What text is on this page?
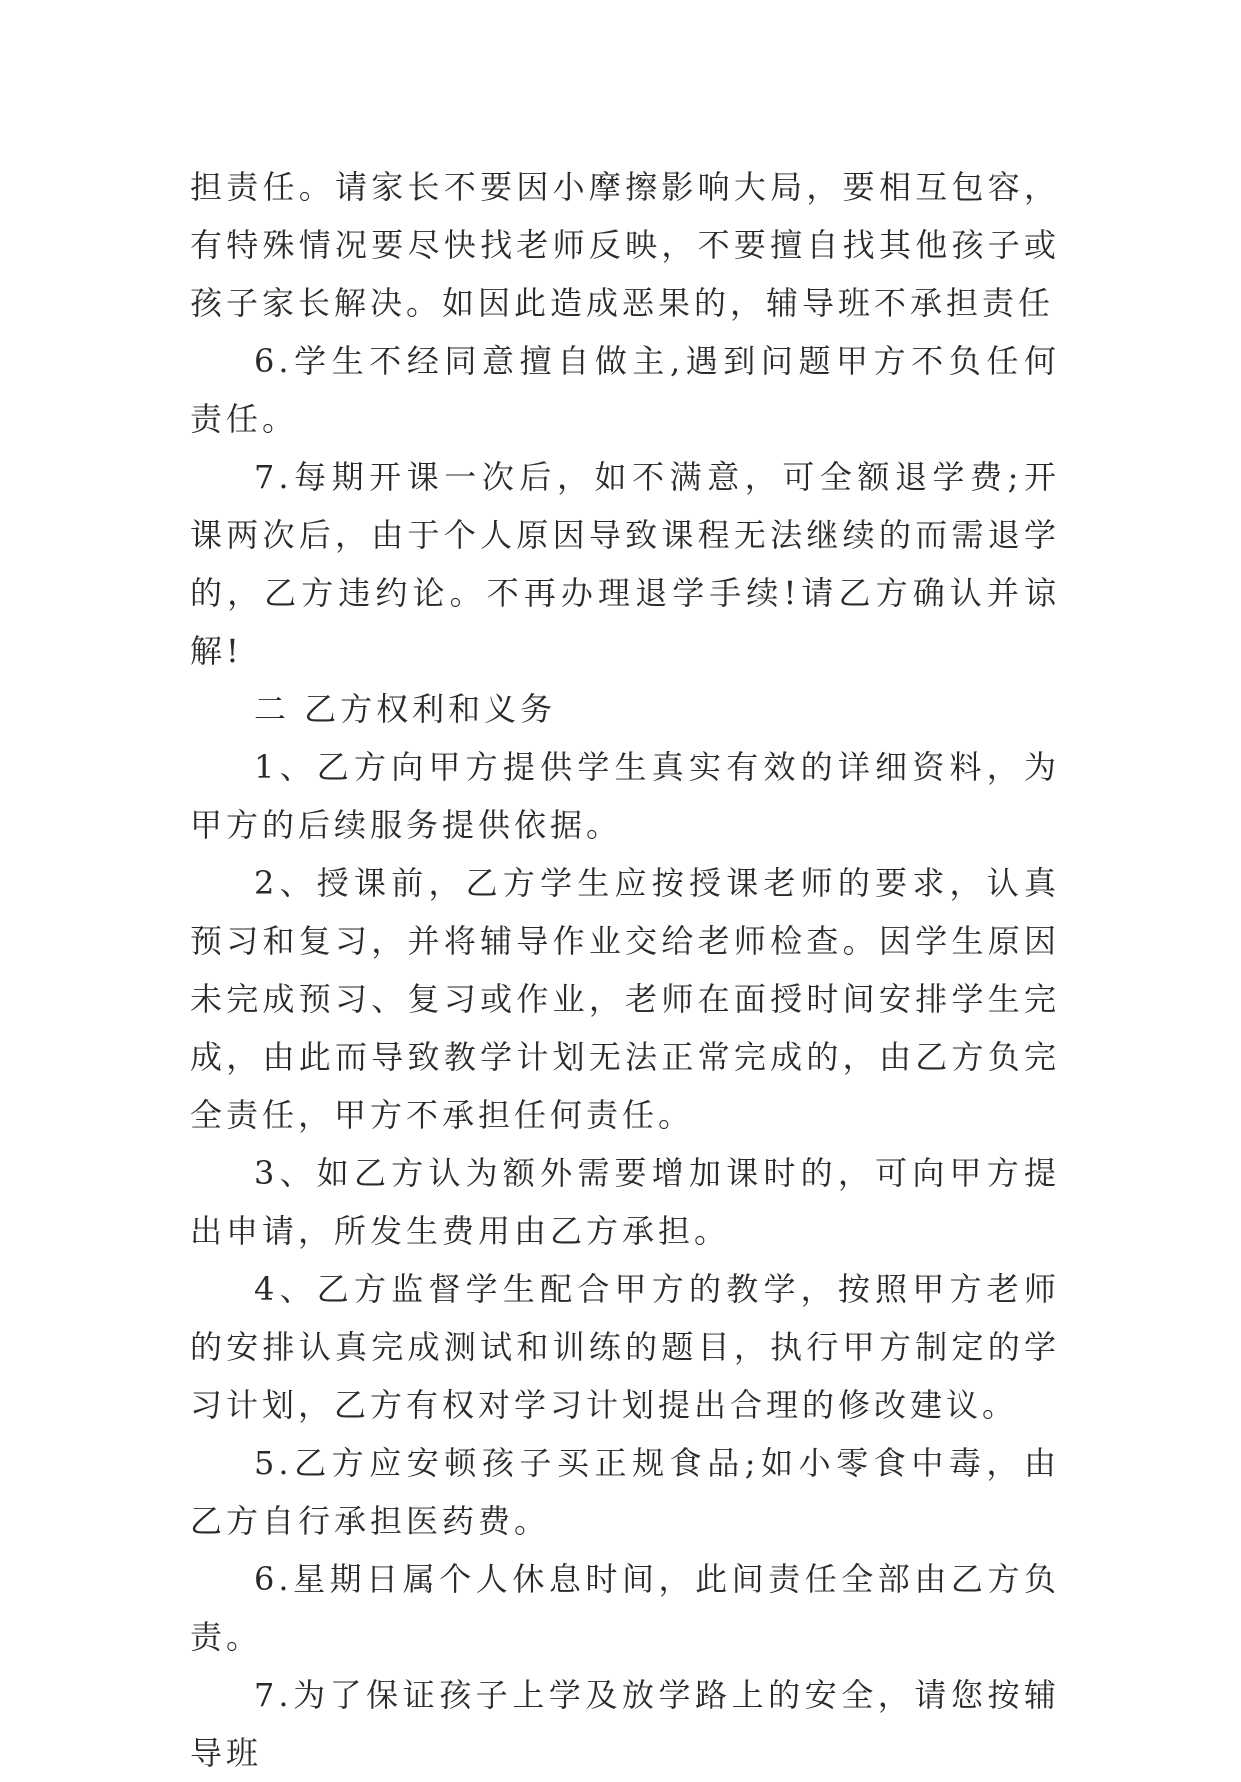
担责任。请家长不要因小摩擦影响大局，要相互包容，有特殊情况要尽快找老师反映，不要擅自找其他孩子或孩子家长解决。如因此造成恶果的，辅导班不承担责任

6.学生不经同意擅自做主,遇到问题甲方不负任何责任。

7.每期开课一次后，如不满意，可全额退学费;开课两次后，由于个人原因导致课程无法继续的而需退学的，乙方违约论。不再办理退学手续!请乙方确认并谅解!

二 乙方权利和义务

1、乙方向甲方提供学生真实有效的详细资料，为甲方的后续服务提供依据。

2、授课前，乙方学生应按授课老师的要求，认真预习和复习，并将辅导作业交给老师检查。因学生原因未完成预习、复习或作业，老师在面授时间安排学生完成，由此而导致教学计划无法正常完成的，由乙方负完全责任，甲方不承担任何责任。

3、如乙方认为额外需要增加课时的，可向甲方提出申请，所发生费用由乙方承担。

4、乙方监督学生配合甲方的教学，按照甲方老师的安排认真完成测试和训练的题目，执行甲方制定的学习计划，乙方有权对学习计划提出合理的修改建议。

5.乙方应安顿孩子买正规食品;如小零食中毒，由乙方自行承担医药费。

6.星期日属个人休息时间，此间责任全部由乙方负责。

7.为了保证孩子上学及放学路上的安全，请您按辅导班
